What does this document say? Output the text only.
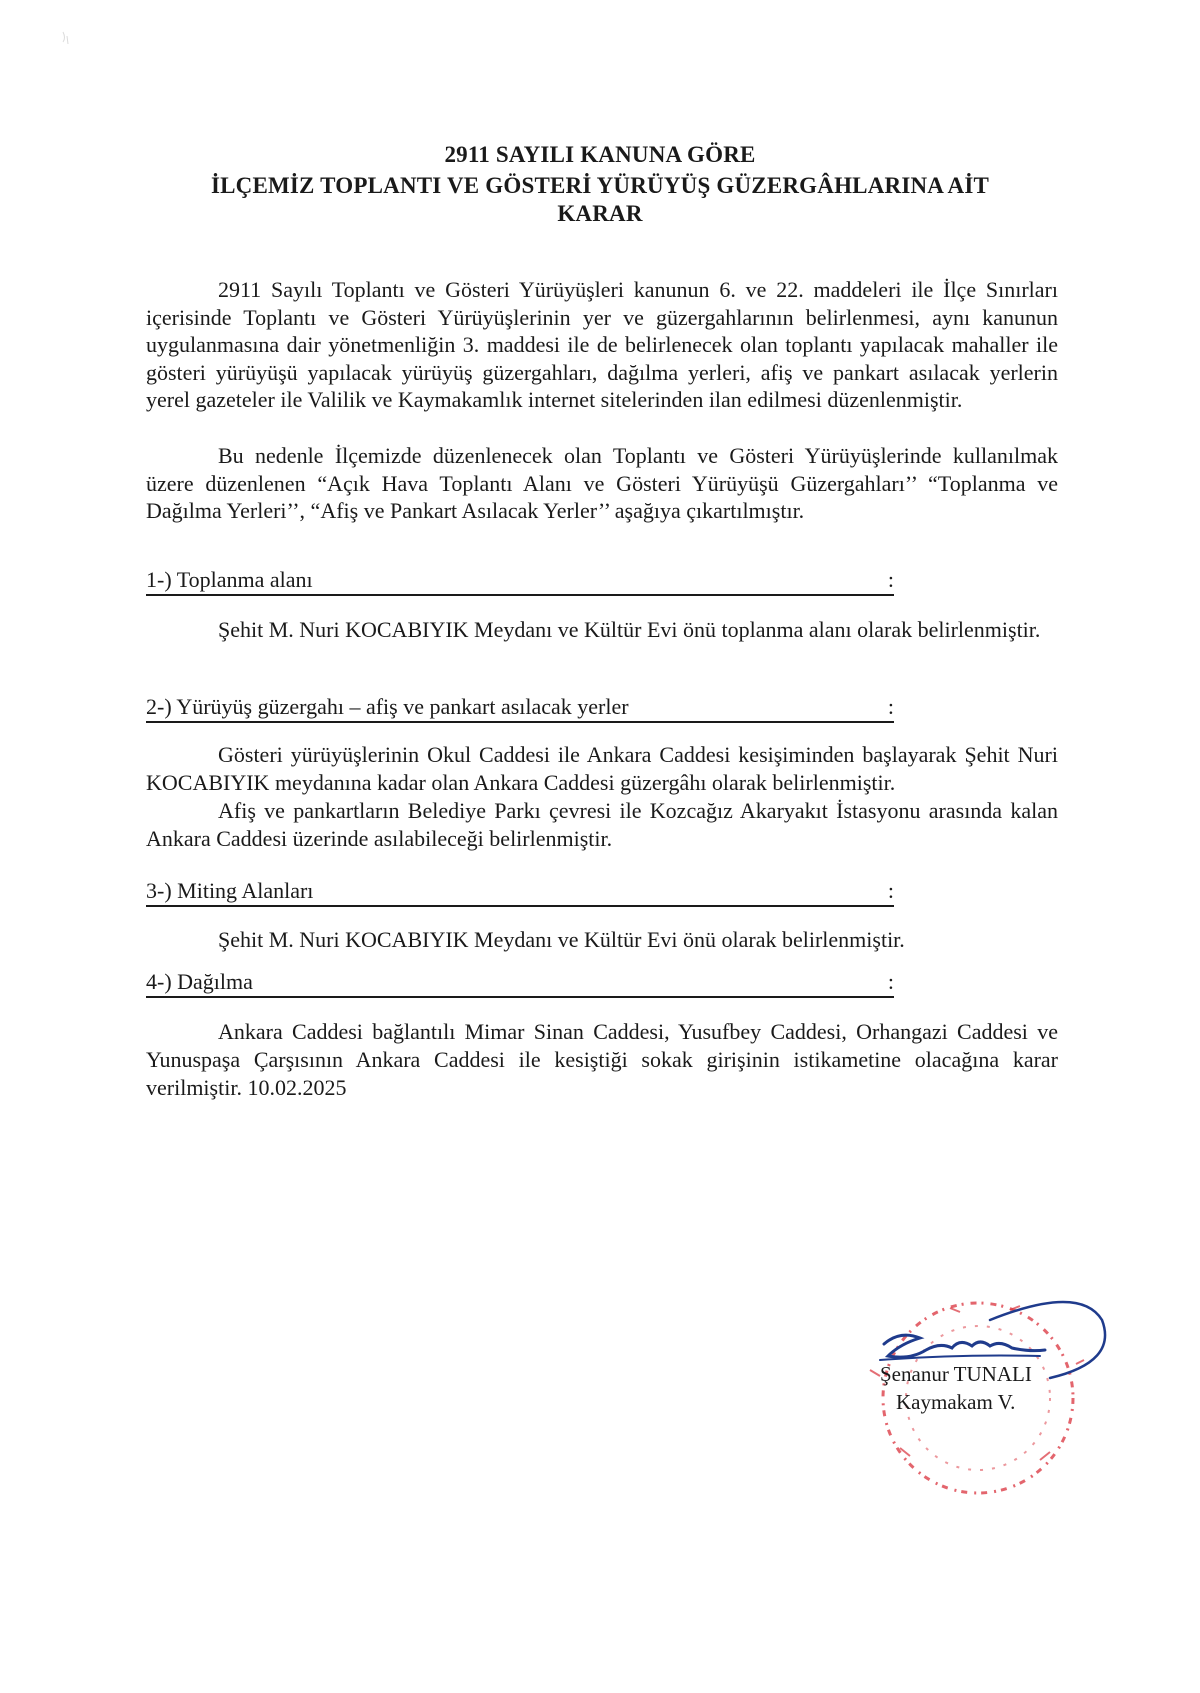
2911 SAYILI KANUNA GÖRE
İLÇEMİZ TOPLANTI VE GÖSTERİ YÜRÜYÜŞ GÜZERGÂHLARINA AİT
KARAR

2911 Sayılı Toplantı ve Gösteri Yürüyüşleri kanunun 6. ve 22. maddeleri ile İlçe Sınırları içerisinde Toplantı ve Gösteri Yürüyüşlerinin yer ve güzergahlarının belirlenmesi, aynı kanunun uygulanmasına dair yönetmenliğin 3. maddesi ile de belirlenecek olan toplantı yapılacak mahaller ile gösteri yürüyüşü yapılacak yürüyüş güzergahları, dağılma yerleri, afiş ve pankart asılacak yerlerin yerel gazeteler ile Valilik ve Kaymakamlık internet sitelerinden ilan edilmesi düzenlenmiştir.

Bu nedenle İlçemizde düzenlenecek olan Toplantı ve Gösteri Yürüyüşlerinde kullanılmak üzere düzenlenen “Açık Hava Toplantı Alanı ve Gösteri Yürüyüşü Güzergahları’’ “Toplanma ve Dağılma Yerleri’’, “Afiş ve Pankart Asılacak Yerler’’ aşağıya çıkartılmıştır.

1-) Toplanma alanı	:

Şehit M. Nuri KOCABIYIK Meydanı ve Kültür Evi önü toplanma alanı olarak belirlenmiştir.

2-) Yürüyüş güzergahı – afiş ve pankart asılacak yerler	:

Gösteri yürüyüşlerinin Okul Caddesi ile Ankara Caddesi kesişiminden başlayarak Şehit Nuri KOCABIYIK meydanına kadar olan Ankara Caddesi güzergâhı olarak belirlenmiştir.

Afiş ve pankartların Belediye Parkı çevresi ile Kozcağız Akaryakıt İstasyonu arasında kalan Ankara Caddesi üzerinde asılabileceği belirlenmiştir.

3-) Miting Alanları	:

Şehit M. Nuri KOCABIYIK Meydanı ve Kültür Evi önü olarak belirlenmiştir.

4-) Dağılma	:

Ankara Caddesi bağlantılı Mimar Sinan Caddesi, Yusufbey Caddesi, Orhangazi Caddesi ve Yunuspaşa Çarşısının Ankara Caddesi ile kesiştiği sokak girişinin istikametine olacağına karar verilmiştir. 10.02.2025

Şenanur TUNALI
Kaymakam V.
